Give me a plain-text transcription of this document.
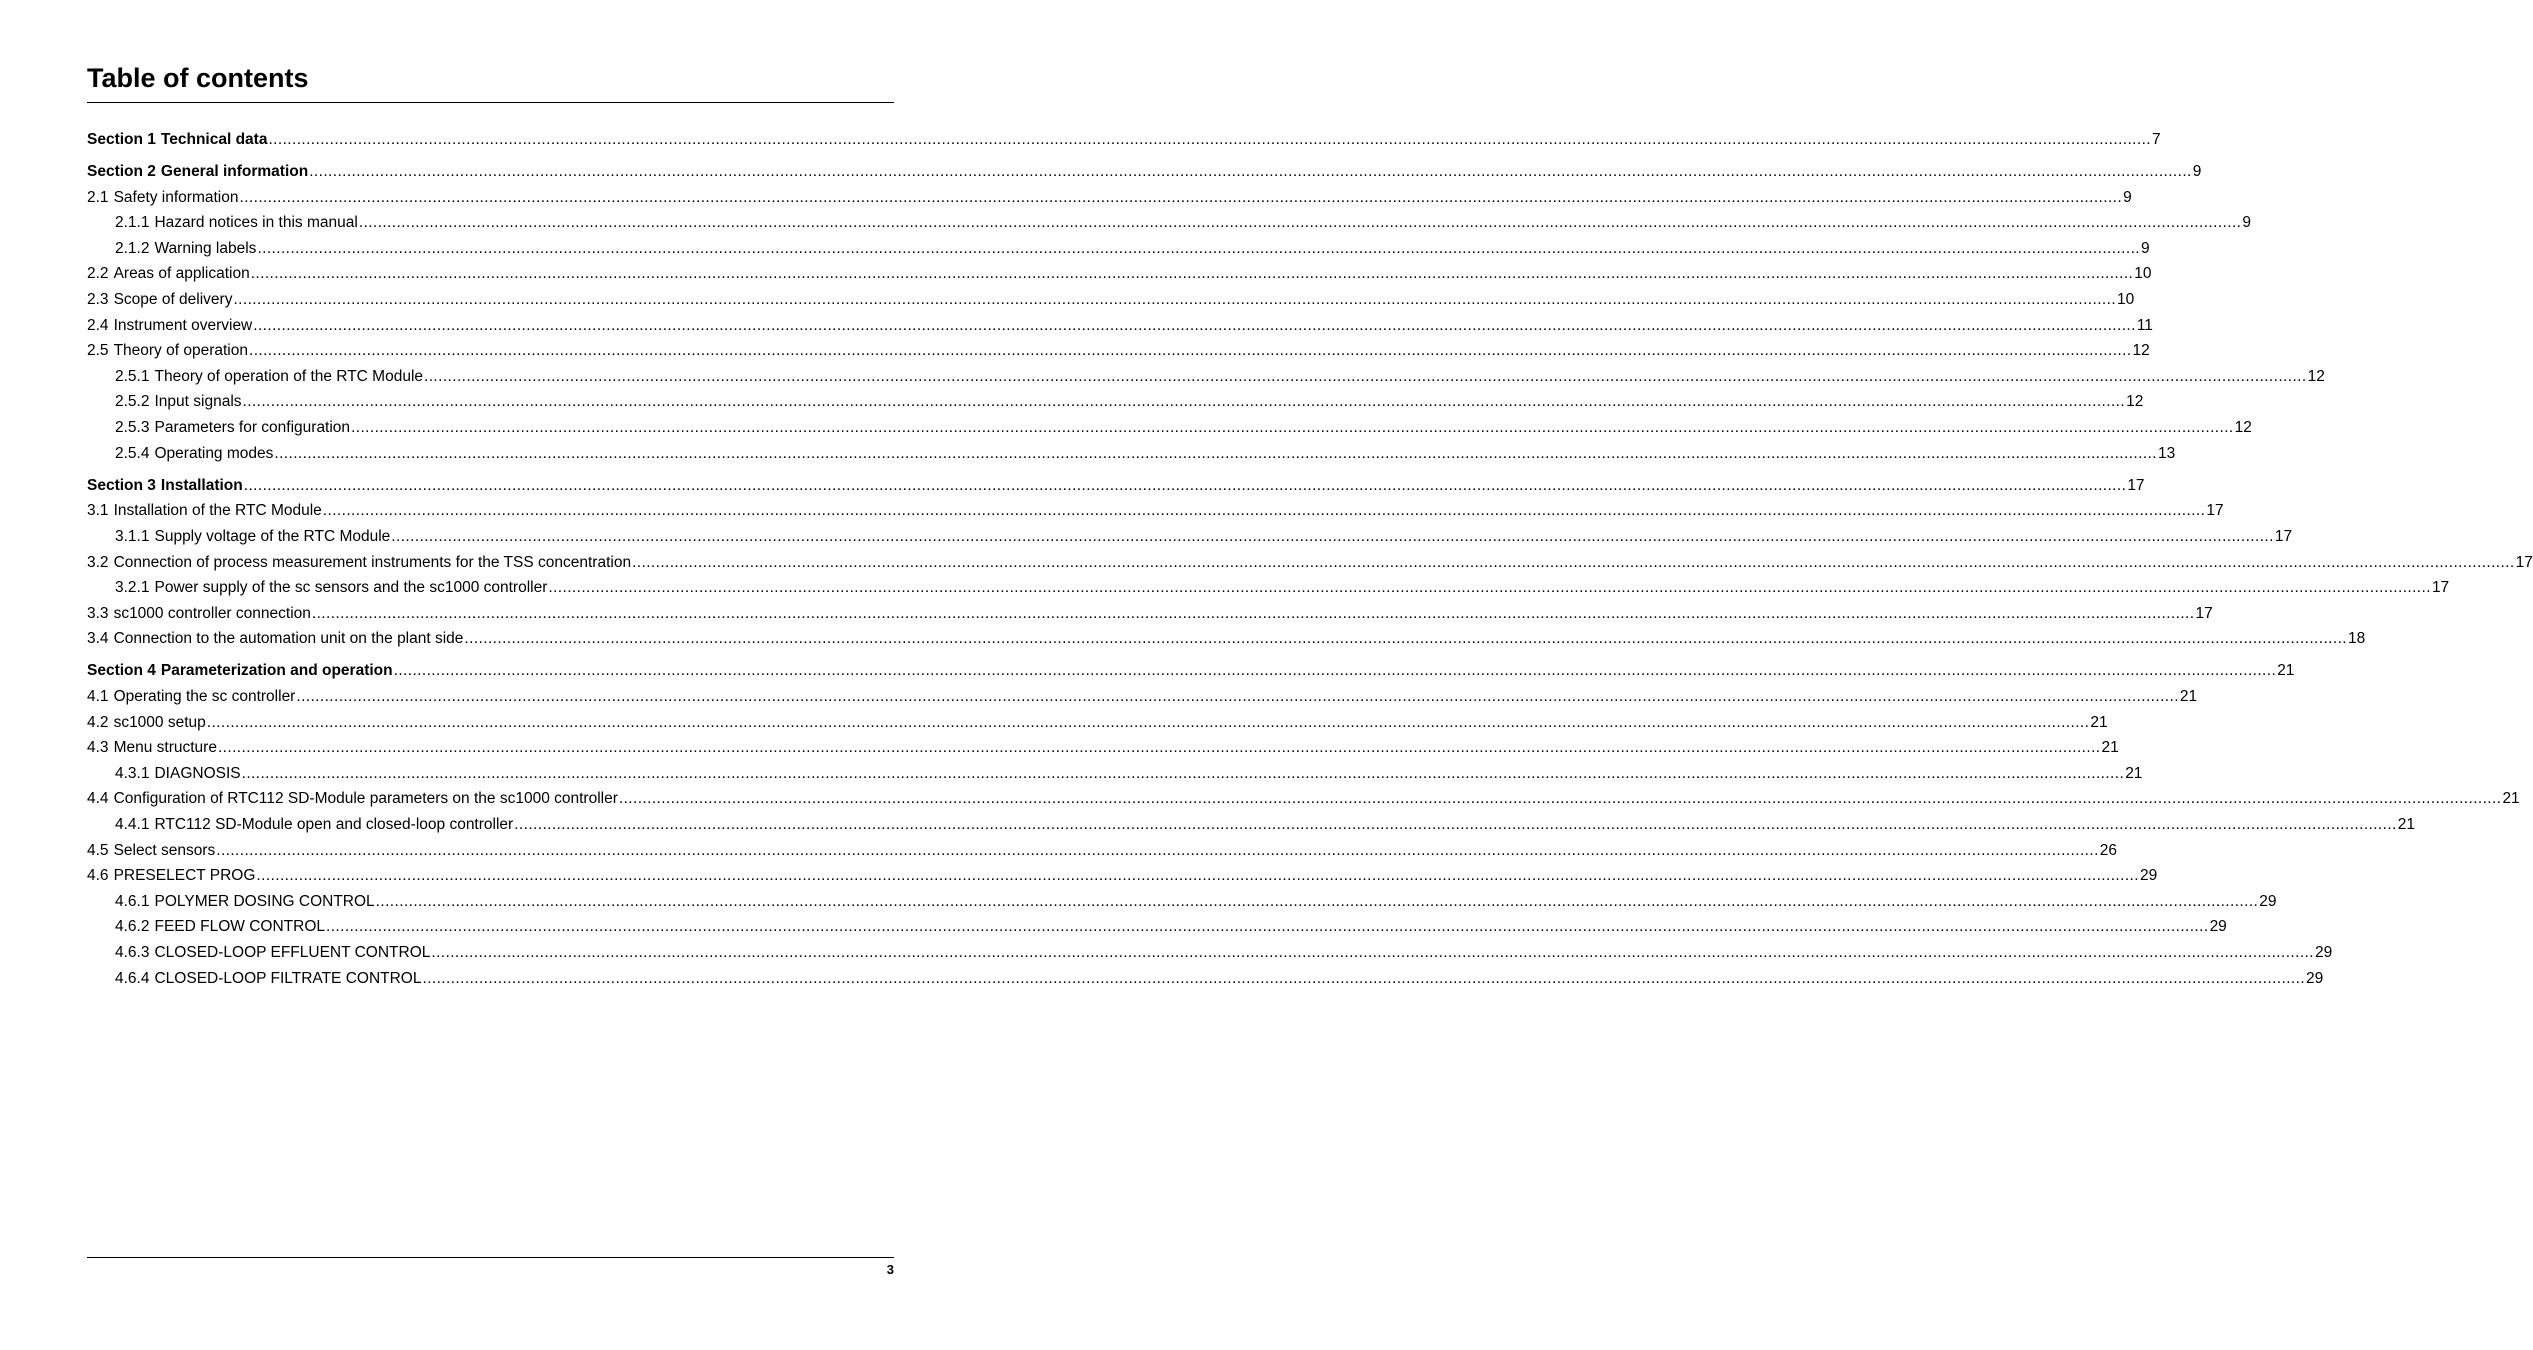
Table of contents
Section 1 Technical data ................................................................................................................................................................................................................................................................................................................................................................................................................ 7
Section 2 General information ................................................................................................................................................................................................................................................................................................................................................................................................................ 9
2.1 Safety information ................................................................................................................................................................................................................................................................................................................................................................................................................ 9
2.1.1 Hazard notices in this manual ................................................................................................................................................................................................................................................................................................................................................................................................................ 9
2.1.2 Warning labels ................................................................................................................................................................................................................................................................................................................................................................................................................ 9
2.2 Areas of application ................................................................................................................................................................................................................................................................................................................................................................................................................ 10
2.3 Scope of delivery ................................................................................................................................................................................................................................................................................................................................................................................................................ 10
2.4 Instrument overview ................................................................................................................................................................................................................................................................................................................................................................................................................ 11
2.5 Theory of operation ................................................................................................................................................................................................................................................................................................................................................................................................................ 12
2.5.1 Theory of operation of the RTC Module ................................................................................................................................................................................................................................................................................................................................................................................................................ 12
2.5.2 Input signals ................................................................................................................................................................................................................................................................................................................................................................................................................ 12
2.5.3 Parameters for configuration ................................................................................................................................................................................................................................................................................................................................................................................................................ 12
2.5.4 Operating modes ................................................................................................................................................................................................................................................................................................................................................................................................................ 13
Section 3 Installation ................................................................................................................................................................................................................................................................................................................................................................................................................ 17
3.1 Installation of the RTC Module ................................................................................................................................................................................................................................................................................................................................................................................................................ 17
3.1.1 Supply voltage of the RTC Module ................................................................................................................................................................................................................................................................................................................................................................................................................ 17
3.2 Connection of process measurement instruments for the TSS concentration ................................................................................................................................................................................................................................................................................................................................................................................................................ 17
3.2.1 Power supply of the sc sensors and the sc1000 controller ................................................................................................................................................................................................................................................................................................................................................................................................................ 17
3.3 sc1000 controller connection ................................................................................................................................................................................................................................................................................................................................................................................................................ 17
3.4 Connection to the automation unit on the plant side ................................................................................................................................................................................................................................................................................................................................................................................................................ 18
Section 4 Parameterization and operation ................................................................................................................................................................................................................................................................................................................................................................................................................ 21
4.1 Operating the sc controller ................................................................................................................................................................................................................................................................................................................................................................................................................ 21
4.2 sc1000 setup ................................................................................................................................................................................................................................................................................................................................................................................................................ 21
4.3 Menu structure ................................................................................................................................................................................................................................................................................................................................................................................................................ 21
4.3.1 DIAGNOSIS ................................................................................................................................................................................................................................................................................................................................................................................................................ 21
4.4 Configuration of RTC112 SD-Module parameters on the sc1000 controller ................................................................................................................................................................................................................................................................................................................................................................................................................ 21
4.4.1 RTC112 SD-Module open and closed-loop controller ................................................................................................................................................................................................................................................................................................................................................................................................................ 21
4.5 Select sensors ................................................................................................................................................................................................................................................................................................................................................................................................................ 26
4.6 PRESELECT PROG ................................................................................................................................................................................................................................................................................................................................................................................................................ 29
4.6.1 POLYMER DOSING CONTROL ................................................................................................................................................................................................................................................................................................................................................................................................................ 29
4.6.2 FEED FLOW CONTROL ................................................................................................................................................................................................................................................................................................................................................................................................................ 29
4.6.3 CLOSED-LOOP EFFLUENT CONTROL ................................................................................................................................................................................................................................................................................................................................................................................................................ 29
4.6.4 CLOSED-LOOP FILTRATE CONTROL ................................................................................................................................................................................................................................................................................................................................................................................................................ 29
3
